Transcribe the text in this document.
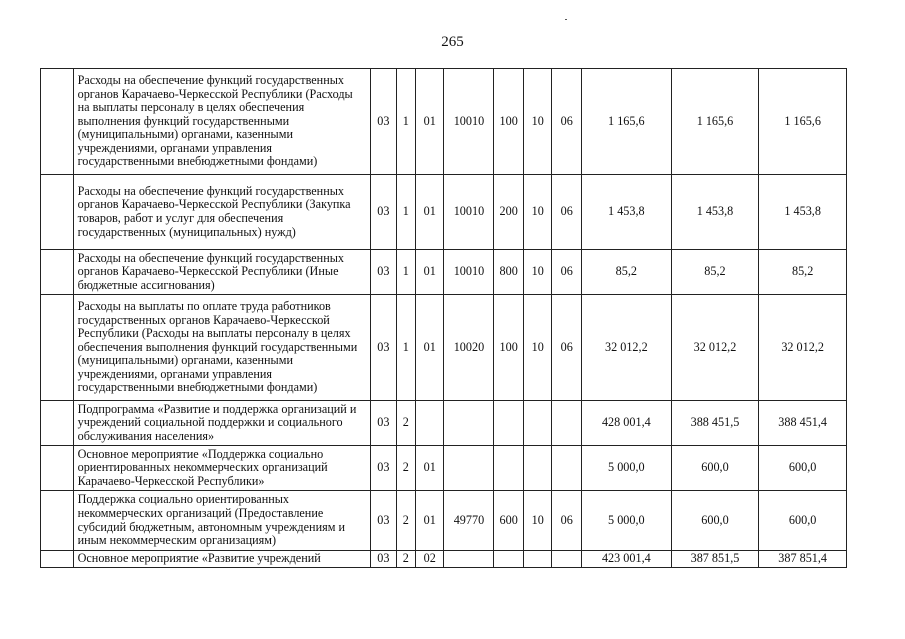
265
	Расходы на обеспечение функций государственных органов Карачаево-Черкесской Республики (Расходы на выплаты персоналу в целях обеспечения выполнения функций государственными (муниципальными) органами, казенными учреждениями, органами управления государственными внебюджетными фондами)	03	1	01	10010	100	10	06	1 165,6	1 165,6	1 165,6
	Расходы на обеспечение функций государственных органов Карачаево-Черкесской Республики (Закупка товаров, работ и услуг для обеспечения государственных (муниципальных) нужд)	03	1	01	10010	200	10	06	1 453,8	1 453,8	1 453,8
	Расходы на обеспечение функций государственных органов Карачаево-Черкесской Республики (Иные бюджетные ассигнования)	03	1	01	10010	800	10	06	85,2	85,2	85,2
	Расходы на выплаты по оплате труда работников государственных органов Карачаево-Черкесской Республики (Расходы на выплаты персоналу в целях обеспечения выполнения функций государственными (муниципальными) органами, казенными учреждениями, органами управления государственными внебюджетными фондами)	03	1	01	10020	100	10	06	32 012,2	32 012,2	32 012,2
	Подпрограмма «Развитие и поддержка организаций и учреждений социальной поддержки и социального обслуживания населения»	03	2						428 001,4	388 451,5	388 451,4
	Основное мероприятие «Поддержка социально ориентированных некоммерческих организаций Карачаево-Черкесской Республики»	03	2	01					5 000,0	600,0	600,0
	Поддержка социально ориентированных некоммерческих организаций (Предоставление субсидий бюджетным, автономным учреждениям и иным некоммерческим организациям)	03	2	01	49770	600	10	06	5 000,0	600,0	600,0
	Основное мероприятие «Развитие учреждений	03	2	02					423 001,4	387 851,5	387 851,4
